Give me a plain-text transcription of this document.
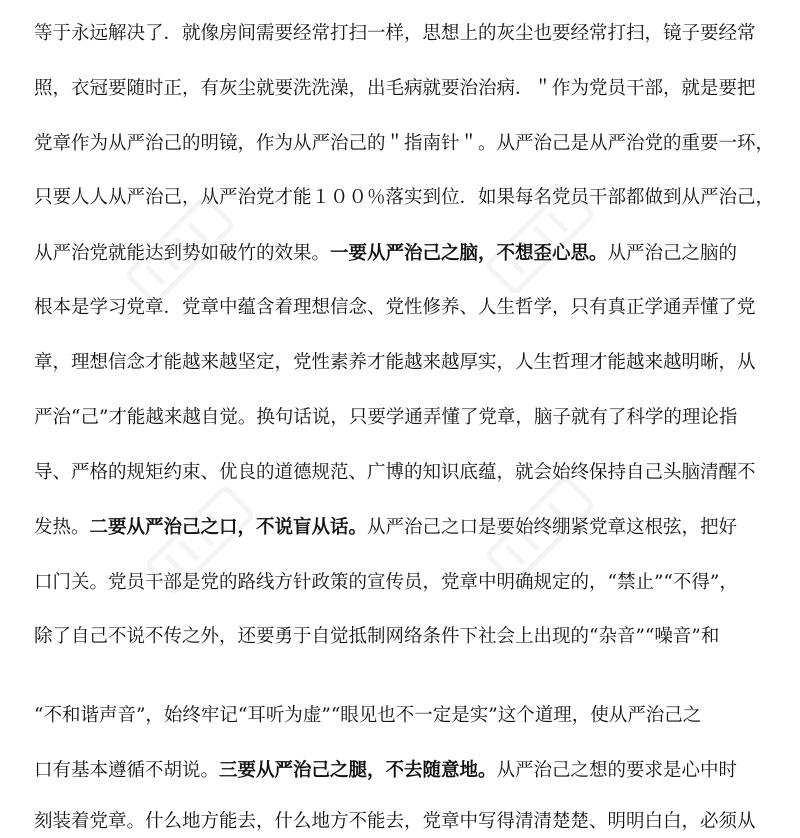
等于永远解决了．就像房间需要经常打扫一样，思想上的灰尘也要经常打扫，镜子要经常
照，衣冠要随时正，有灰尘就要洗洗澡，出毛病就要治治病．＂作为党员干部，就是要把
党章作为从严治己的明镜，作为从严治己的＂指南针＂。从严治己是从严治党的重要一环，
只要人人从严治己，从严治党才能１００％落实到位．如果每名党员干部都做到从严治己，
从严治党就能达到势如破竹的效果。一要从严治己之脑，不想歪心思。从严治己之脑的
根本是学习党章．党章中蕴含着理想信念、党性修养、人生哲学，只有真正学通弄懂了党
章，理想信念才能越来越坚定，党性素养才能越来越厚实，人生哲理才能越来越明晰，从
严治“己”才能越来越自觉。换句话说，只要学通弄懂了党章，脑子就有了科学的理论指
导、严格的规矩约束、优良的道德规范、广博的知识底蕴，就会始终保持自己头脑清醒不
发热。二要从严治己之口，不说盲从话。从严治己之口是要始终绷紧党章这根弦，把好
口门关。党员干部是党的路线方针政策的宣传员，党章中明确规定的，“禁止”“不得”，
除了自己不说不传之外，还要勇于自觉抵制网络条件下社会上出现的“杂音”“噪音”和
“不和谐声音”，始终牢记“耳听为虚”“眼见也不一定是实”这个道理，使从严治己之
口有基本遵循不胡说。三要从严治己之腿，不去随意地。从严治己之想的要求是心中时
刻装着党章。什么地方能去，什么地方不能去，党章中写得清清楚楚、明明白白，必须从
